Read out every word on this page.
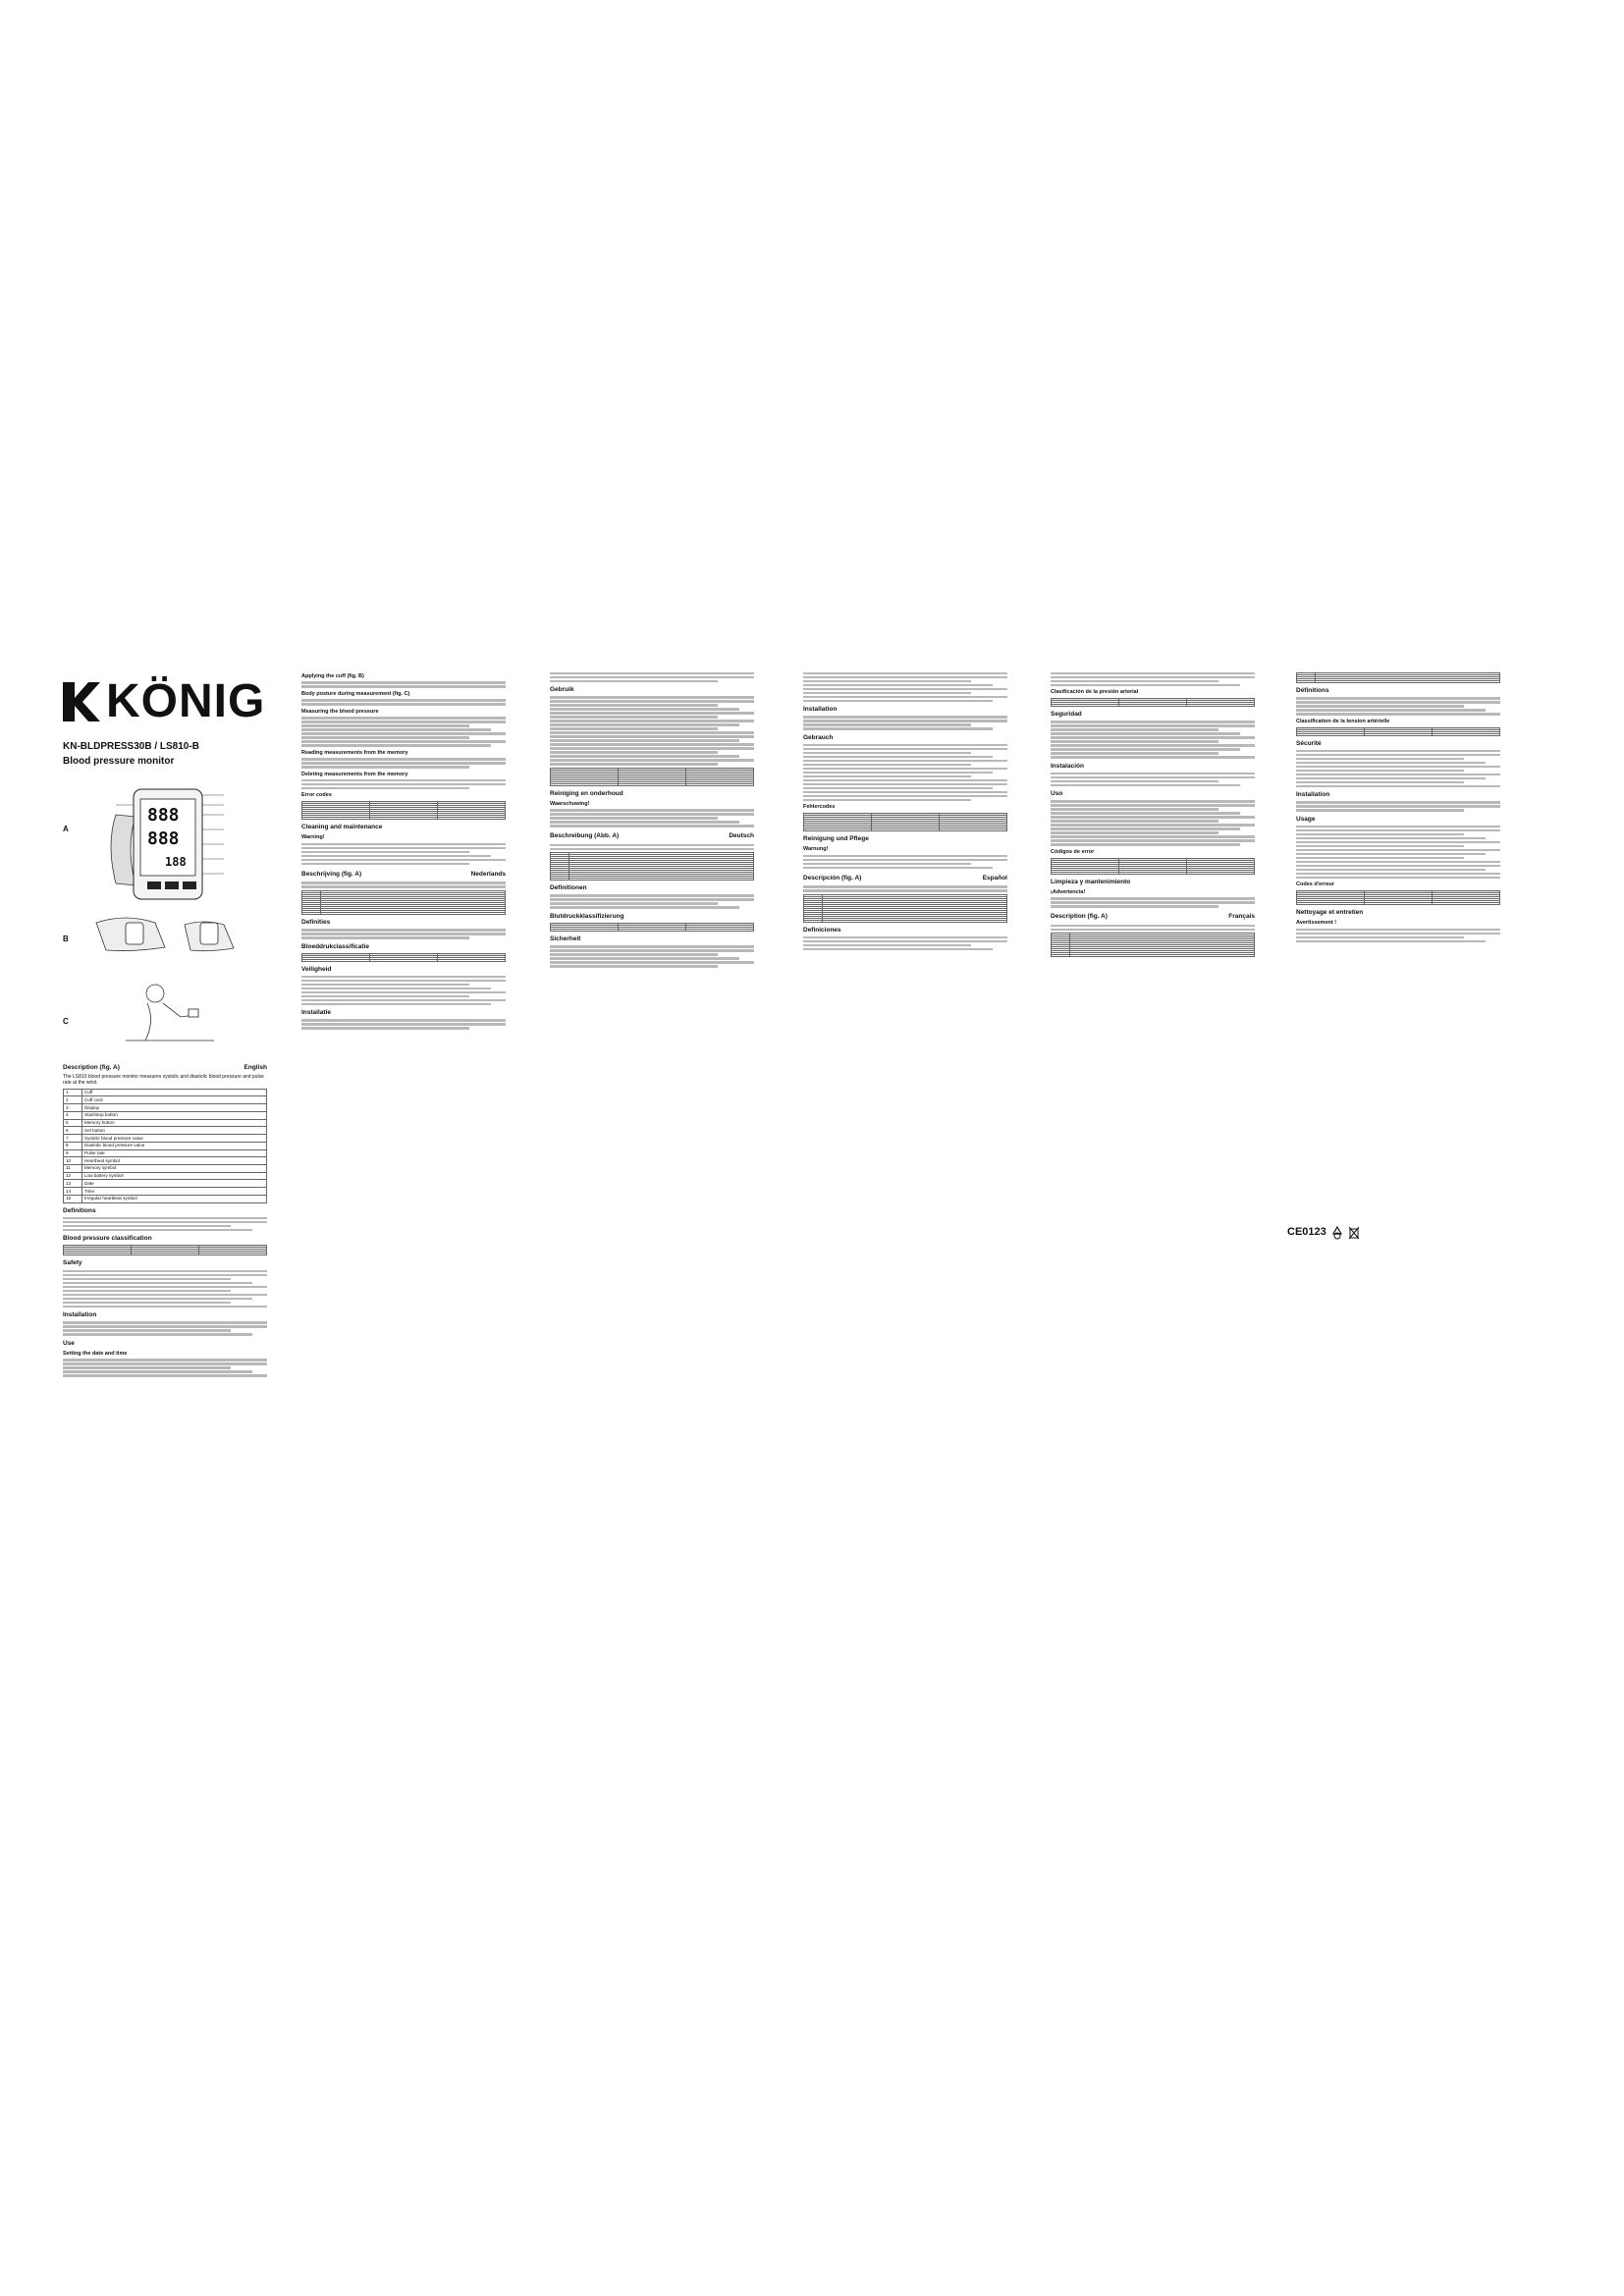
KÖNIG
KN-BLDPRESS30B / LS810-B
Blood pressure monitor
A
B
C
888
888
188
Description (fig. A)	English

The LS810 blood pressure monitor measures systolic and diastolic blood pressure and pulse rate at the wrist.

1	Cuff
2	Cuff cord
3	Display
4	Start/stop button
5	Memory button
6	Set button
7	Systolic blood pressure value
8	Diastolic blood pressure value
9	Pulse rate
10	Heartbeat symbol
11	Memory symbol
12	Low battery symbol
13	Date
14	Time
15	Irregular heartbeat symbol
Definitions
Blood pressure classification

Safety
Installation
Use
Setting the date and time
Applying the cuff (fig. B)
Body posture during measurement (fig. C)
Measuring the blood pressure
Reading measurements from the memory
Deleting measurements from the memory
Error codes

Cleaning and maintenance
Warning!
Beschrijving (fig. A)	Nederlands

Definities
Bloeddrukclassificatie

Veiligheid
Installatie
Gebruik

Reiniging en onderhoud
Waarschuwing!
Beschreibung (Abb. A)	Deutsch

Definitionen
Blutdruckklassifizierung

Sicherheit
Installation
Gebrauch
Fehlercodes

Reinigung und Pflege
Warnung!
Descripción (fig. A)	Español

Definiciones
Clasificación de la presión arterial

Seguridad
Instalación
Uso
Códigos de error

Limpieza y mantenimiento
¡Advertencia!
Description (fig. A)	Français

Définitions
Classification de la tension artérielle

Sécurité
Installation
Usage
Codes d'erreur

Nettoyage et entretien
Avertissement !
CE0123
